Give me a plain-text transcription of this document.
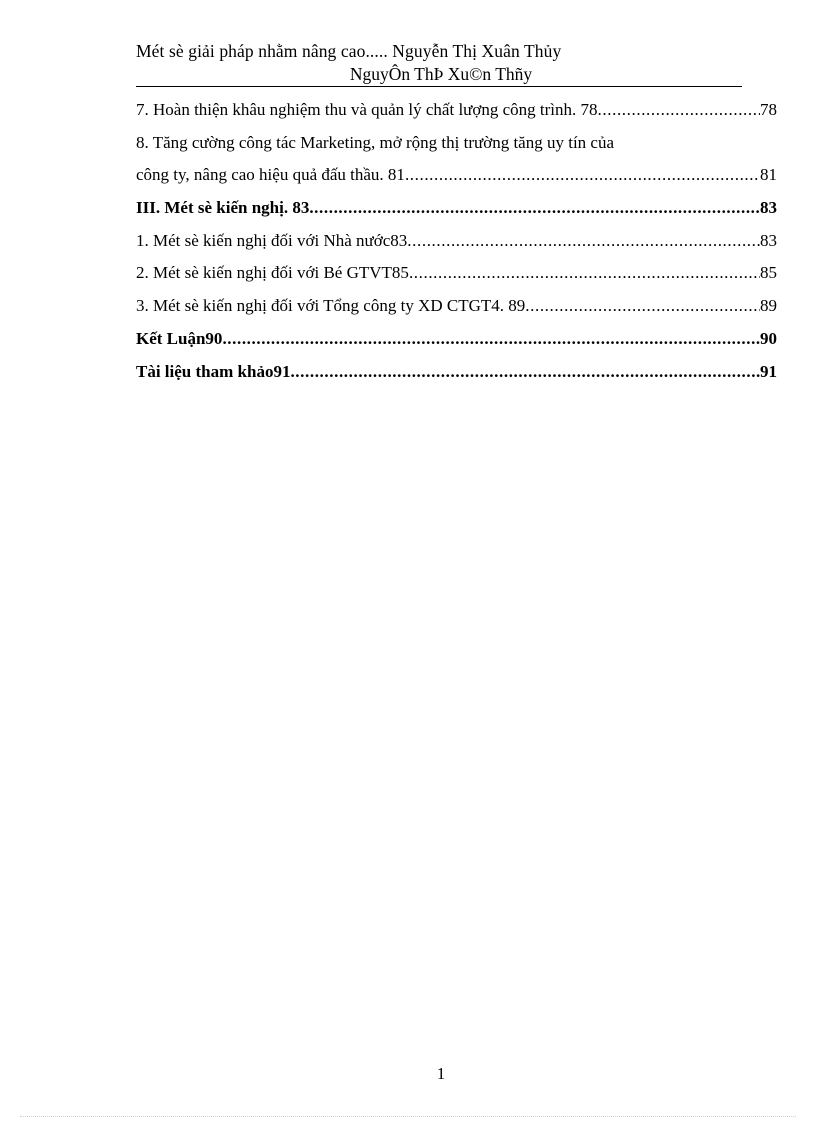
Mét sè giải pháp nhằm nâng cao..... Nguyễn Thị Xuân Thủy
NguyÔn ThÞ Xu©n Thñy
7. Hoàn thiện khâu nghiệm thu và quản lý chất lượng công trình. 78 .....	78
8. Tăng cường công tác Marketing, mở rộng thị trường tăng uy tín của
công ty, nâng cao hiệu quả đấu thầu. 81 .....	81
III. Mét sè kiến nghị. 83 .....	83
1. Mét sè kiến nghị đối với Nhà nước83 .....	83
2. Mét sè kiến nghị đối với Bé GTVT85 .....	85
3. Mét sè kiến nghị đối với Tổng công ty XD CTGT4. 89 .....	89
Kết Luận90 .....	90
Tài liệu tham khảo91 .....	91
1
